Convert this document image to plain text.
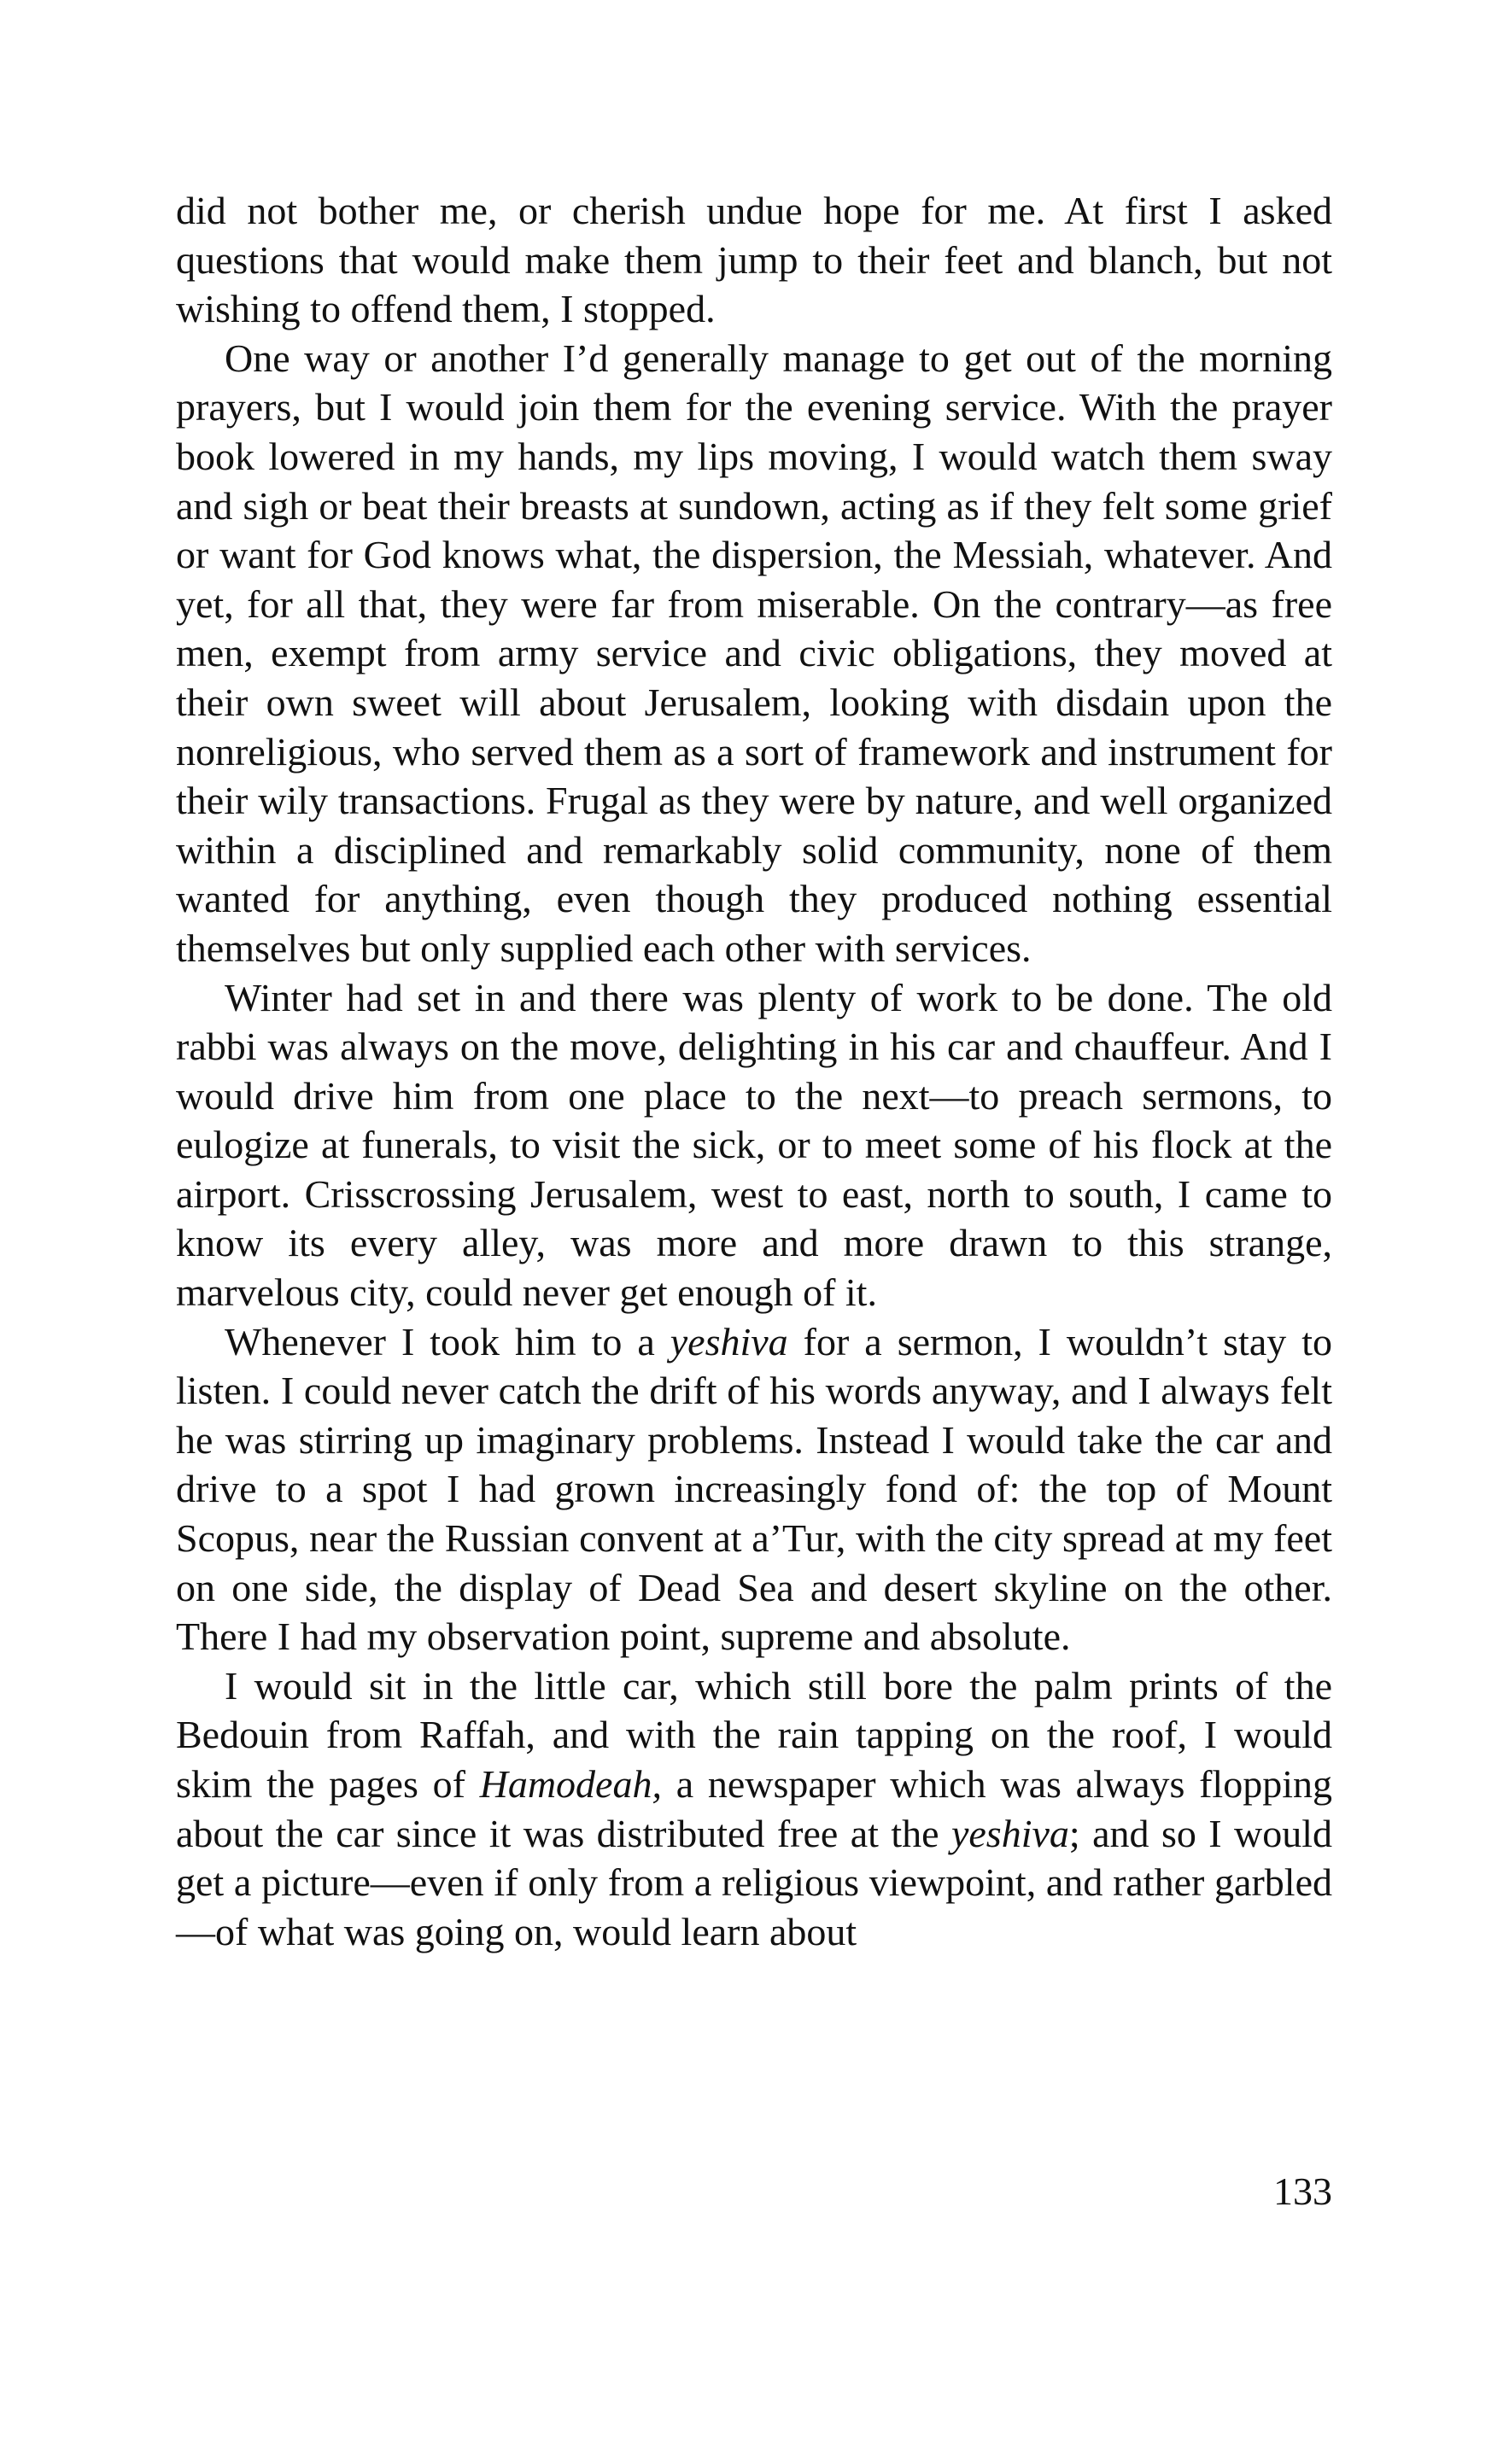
did not bother me, or cherish undue hope for me. At first I asked questions that would make them jump to their feet and blanch, but not wishing to offend them, I stopped.

One way or another I’d generally manage to get out of the morning prayers, but I would join them for the evening service. With the prayer book lowered in my hands, my lips moving, I would watch them sway and sigh or beat their breasts at sundown, acting as if they felt some grief or want for God knows what, the dispersion, the Messiah, whatever. And yet, for all that, they were far from miserable. On the contrary—as free men, exempt from army service and civic obligations, they moved at their own sweet will about Jerusalem, looking with disdain upon the nonreligious, who served them as a sort of framework and instrument for their wily transactions. Frugal as they were by nature, and well organized within a disciplined and remarkably solid community, none of them wanted for anything, even though they produced nothing essential themselves but only supplied each other with services.

Winter had set in and there was plenty of work to be done. The old rabbi was always on the move, delighting in his car and chauffeur. And I would drive him from one place to the next—to preach sermons, to eulogize at funerals, to visit the sick, or to meet some of his flock at the airport. Crisscrossing Jerusalem, west to east, north to south, I came to know its every alley, was more and more drawn to this strange, marvelous city, could never get enough of it.

Whenever I took him to a yeshiva for a sermon, I wouldn’t stay to listen. I could never catch the drift of his words anyway, and I always felt he was stirring up imaginary problems. Instead I would take the car and drive to a spot I had grown increasingly fond of: the top of Mount Scopus, near the Russian convent at a’Tur, with the city spread at my feet on one side, the display of Dead Sea and desert skyline on the other. There I had my observation point, supreme and absolute.

I would sit in the little car, which still bore the palm prints of the Bedouin from Raffah, and with the rain tapping on the roof, I would skim the pages of Hamodeah, a newspaper which was always flopping about the car since it was distributed free at the yeshiva; and so I would get a picture—even if only from a religious viewpoint, and rather garbled—of what was going on, would learn about

133
